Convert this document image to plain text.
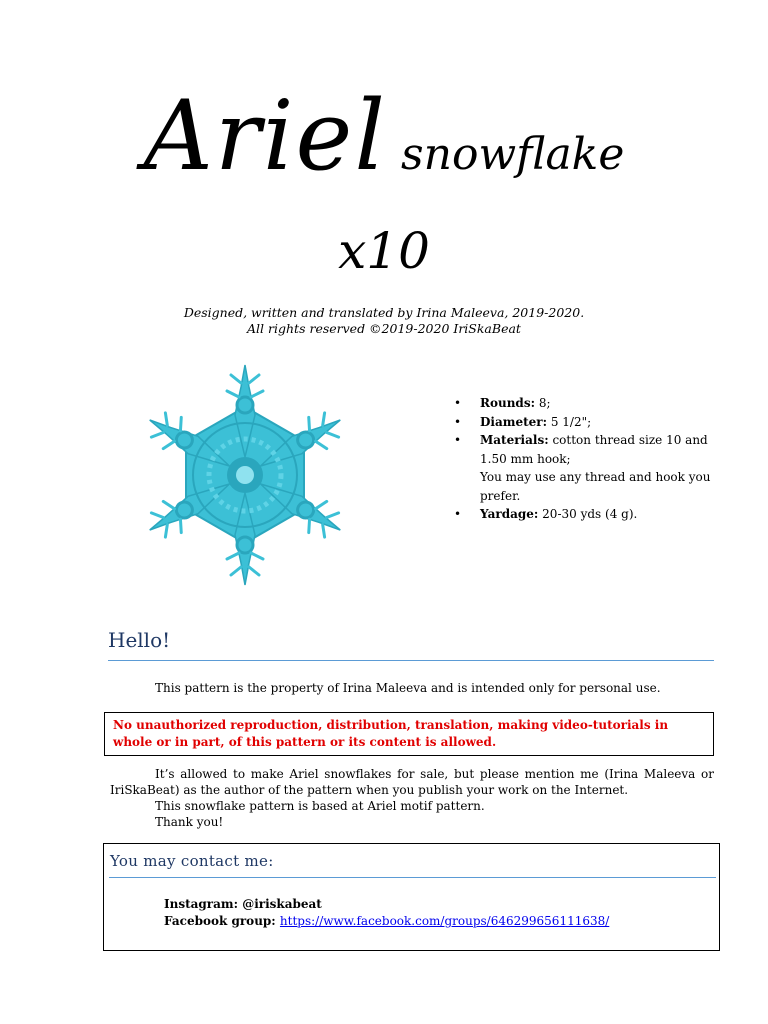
Ariel snowflake
x10
Designed, written and translated by Irina Maleeva, 2019-2020.
All rights reserved ©2019-2020 IriSkaBeat
• Rounds: 8;
• Diameter: 5 1/2";
• Materials: cotton thread size 10 and 1.50 mm hook;
You may use any thread and hook you prefer.
• Yardage: 20-30 yds (4 g).
Hello!
This pattern is the property of Irina Maleeva and is intended only for personal use.
No unauthorized reproduction, distribution, translation, making video-tutorials in whole or in part, of this pattern or its content is allowed.

It’s allowed to make Ariel snowflakes for sale, but please mention me (Irina Maleeva or IriSkaBeat) as the author of the pattern when you publish your work on the Internet.

This snowflake pattern is based at Ariel motif pattern.

Thank you!

You may contact me:
Instagram: @iriskabeat
Facebook group: https://www.facebook.com/groups/646299656111638/
